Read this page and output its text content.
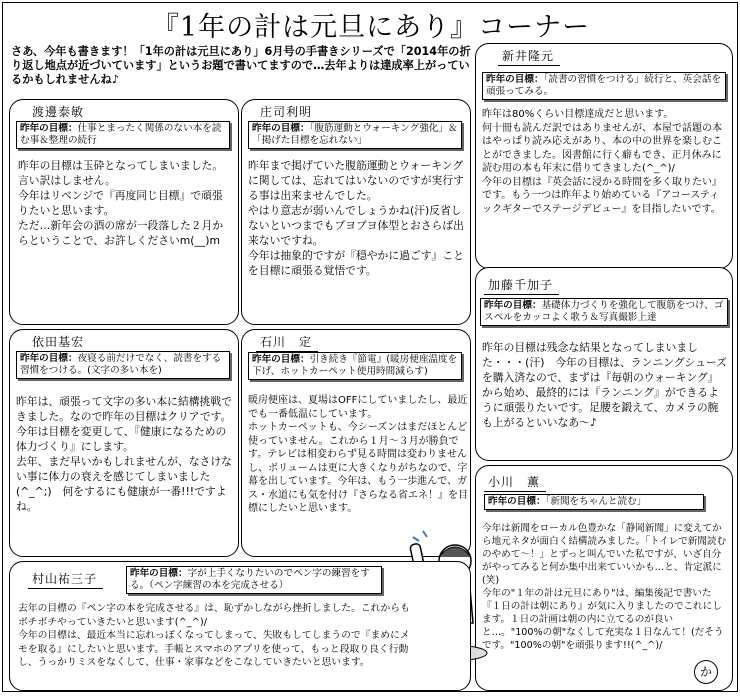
『1年の計は元旦にあり』コーナー
さあ、今年も書きます！「1年の計は元旦にあり」6月号の手書きシリーズで「2014年の折り返し地点が近づいています」というお題で書いてますので…去年よりは達成率上がっているかもしれませんね♪
渡邊泰敏
昨年の目標：仕事とまったく関係のない本を読む事＆整理の続行
昨年の目標は玉砕となってしまいました。言い訳はしません。
今年はリベンジで『再度同じ目標』で頑張りたいと思います。
ただ…新年会の酒の席が一段落した２月からということで、お許しくださいm(__)m
庄司利明
昨年の目標：「腹筋運動とウォーキング強化」＆「掲げた目標を忘れない」
昨年まで掲げていた腹筋運動とウォーキングに関しては、忘れてはいないのですが実行する事は出来ませんでした。
やはり意志が弱いんでしょうかね(汗)反省しないといつまでもブヨブヨ体型とおさらば出来ないですね。
今年は抽象的ですが『穏やかに過ごす』ことを目標に頑張る覚悟です。
新井隆元
昨年の目標：「読書の習慣をつける」続行と、英会話を頑張ってみる。
昨年は80%くらい目標達成だと思います。
何十冊も読んだ訳ではありませんが、本屋で話題の本はやっぱり読み応えがあり、本の中の世界を楽しむことができました。図書館に行く癖もでき、正月休みに読む用の本も年末に借りてきました(^_^)/
今年の目標は『英会話に浸かる時間を多く取りたい』です。もう一つは昨年より始めている『アコースティックギターでステージデビュー』を目指したいです。
依田基宏
昨年の目標：夜寝る前だけでなく、読書をする習慣をつける。(文字の多い本を)
昨年は、頑張って文字の多い本に結構挑戦できました。なので昨年の目標はクリアです。
今年は目標を変更して、『健康になるための体力づくり』にします。
去年、まだ早いかもしれませんが、なさけない事に体力の衰えを感じてしまいました(^_^;)　何をするにも健康が一番!!!ですよね。
石川　定
昨年の目標：引き続き『節電』(暖房便座温度を下げ、ホットカーペット使用時間減らす)
暖房便座は、夏場はOFFにしていましたし、最近でも一番低温にしています。
ホットカーペットも、今シーズンはまだほとんど使っていません。これから１月～３月が勝負です。テレビは相変わらず見る時間は変わりませんし、ボリュームは更に大きくなりがちなので、字幕を出しています。今年は、もう一歩進んで、ガス・水道にも気を付け『さらなる省エネ！』を目標にしたいと思います。
加藤千加子
昨年の目標：基礎体力づくりを強化して腹筋をつけ、ゴスペルをカッコよく歌う＆写真撮影上達
昨年の目標は残念な結果となってしまいました・・・(汗)　今年の目標は、ランニングシューズを購入済なので、まずは『毎朝のウォーキング』から始め、最終的には『ランニング』ができるように頑張りたいです。足腰を鍛えて、カメラの腕も上がるといいなあ～♪
小川　薫
昨年の目標：「新聞をちゃんと読む」
今年は新聞をローカル色豊かな「静岡新聞」に変えてから地元ネタが面白く結構読みました。「トイレで新聞読むのやめて～！」とずっと叫んでいた私ですが、いざ自分がやってみると何か集中出来ていいかも…と、肯定派に(笑)
今年の"１年の計は元旦にあり"は、編集後記で書いた『１日の計は朝にあり』が気に入りましたのでこれにします。１日の計画は朝の内に立てるのが良いと…。"100%の朝"なくして充実な１日なんて！(だそうです。"100%の朝"を頑張ります!!(^_^)/
か
村山祐三子	昨年の目標：字が上手くなりたいのでペン字の練習をする。（ペン字練習の本を完成させる）
去年の目標の『ペン字の本を完成させる』は、恥ずかしながら挫折しました。これからもボチボチやっていきたいと思います(^_^)/
今年の目標は、最近本当に忘れっぽくなってしまって、失敗もしてしまうので『まめにメモを取る』にしたいと思います。手帳とスマホのアプリを使って、もっと段取り良く行動し、うっかりミスをなくして、仕事・家事などをこなしていきたいと思います。
